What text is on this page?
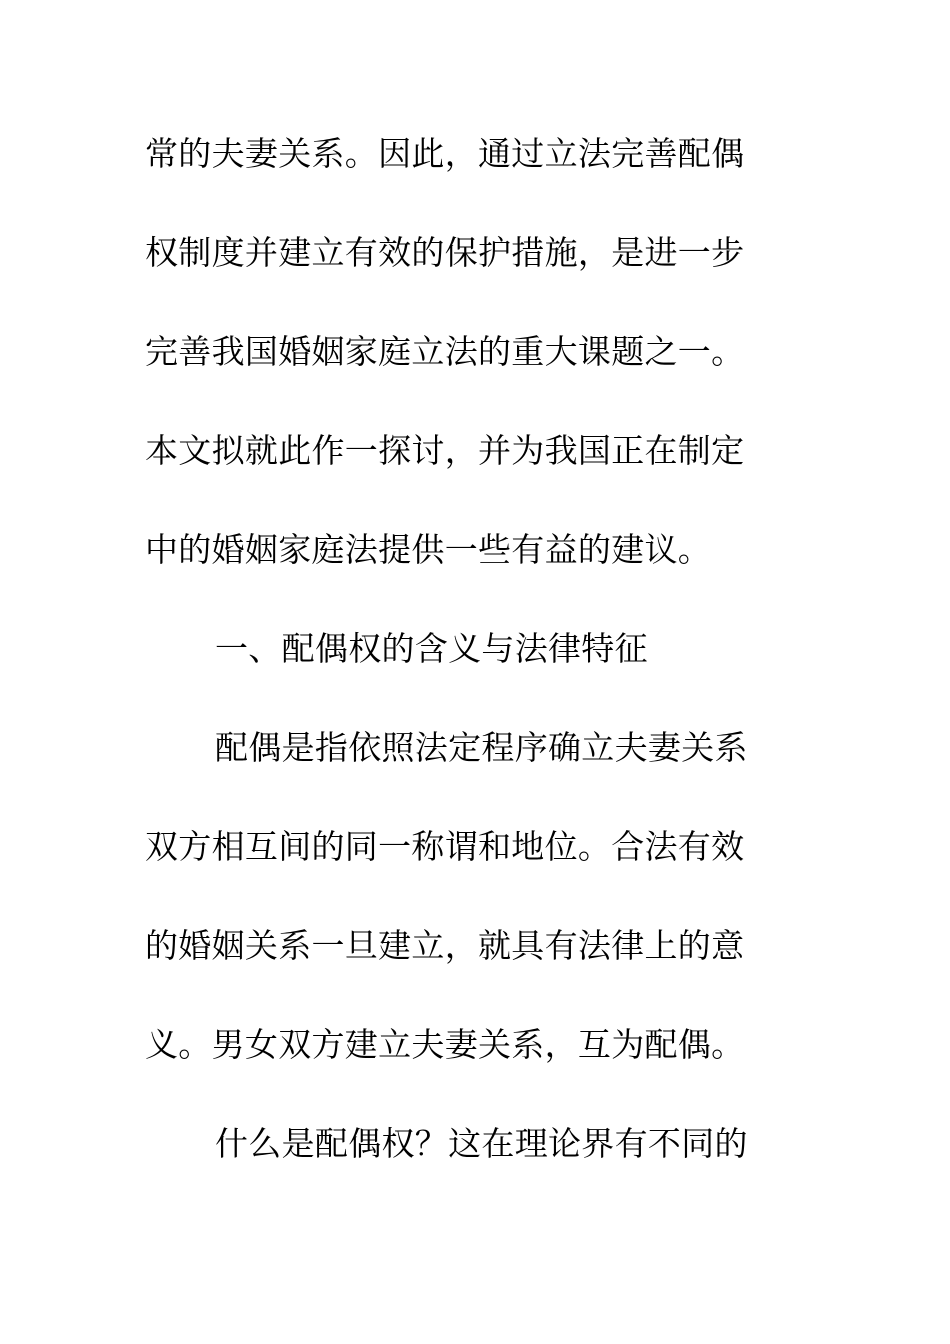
常的夫妻关系。因此，通过立法完善配偶
权制度并建立有效的保护措施，是进一步
完善我国婚姻家庭立法的重大课题之一。
本文拟就此作一探讨，并为我国正在制定
中的婚姻家庭法提供一些有益的建议。
一、配偶权的含义与法律特征
配偶是指依照法定程序确立夫妻关系
双方相互间的同一称谓和地位。合法有效
的婚姻关系一旦建立，就具有法律上的意
义。男女双方建立夫妻关系，互为配偶。
什么是配偶权？这在理论界有不同的
